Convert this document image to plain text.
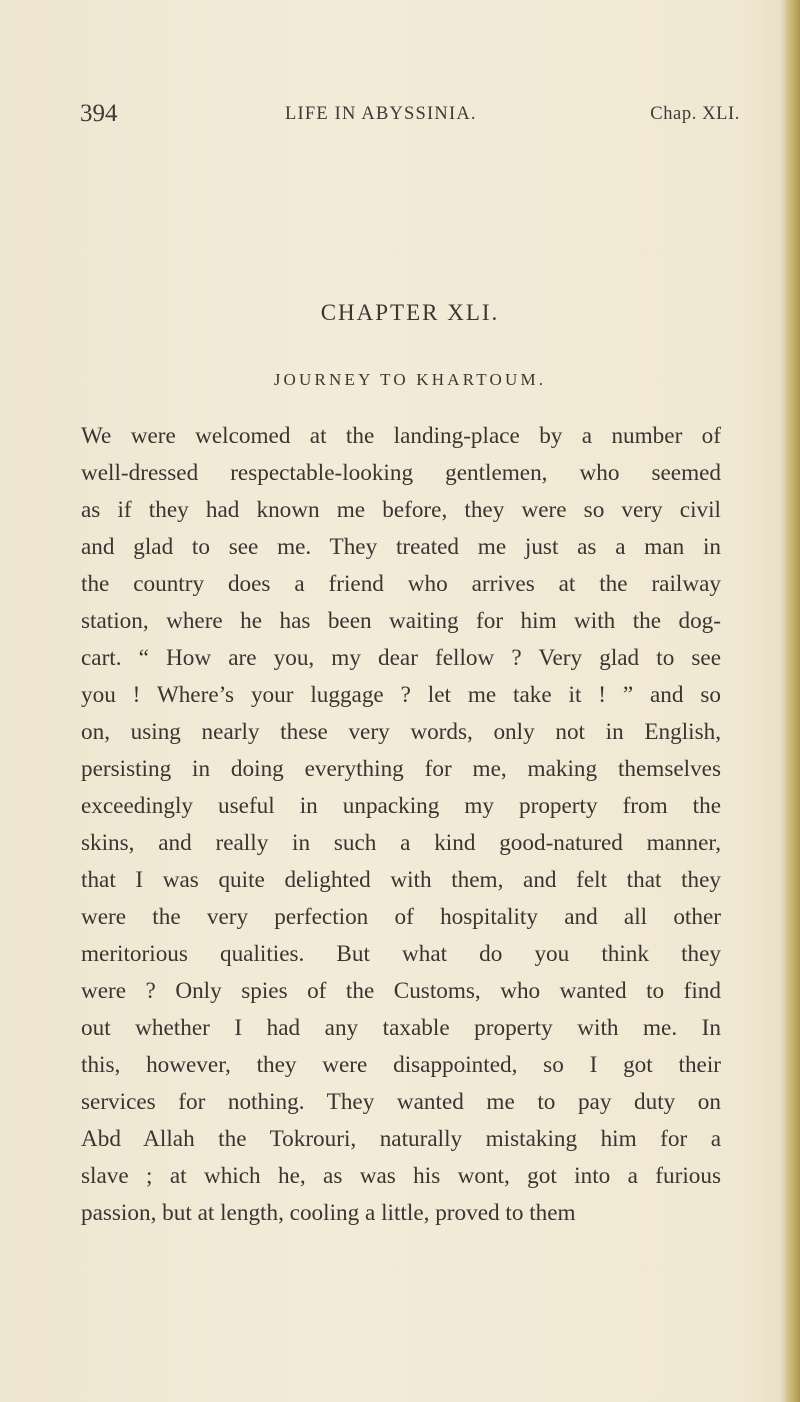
394	LIFE IN ABYSSINIA.	Chap. XLI.
CHAPTER XLI.
JOURNEY TO KHARTOUM.
We were welcomed at the landing-place by a number of
well-dressed respectable-looking gentlemen, who seemed
as if they had known me before, they were so very civil
and glad to see me. They treated me just as a man in
the country does a friend who arrives at the railway
station, where he has been waiting for him with the dog-
cart. “ How are you, my dear fellow ? Very glad to see
you ! Where’s your luggage ? let me take it ! ” and so
on, using nearly these very words, only not in English,
persisting in doing everything for me, making themselves
exceedingly useful in unpacking my property from the
skins, and really in such a kind good-natured manner,
that I was quite delighted with them, and felt that they
were the very perfection of hospitality and all other
meritorious qualities. But what do you think they
were ? Only spies of the Customs, who wanted to find
out whether I had any taxable property with me. In
this, however, they were disappointed, so I got their
services for nothing. They wanted me to pay duty on
Abd Allah the Tokrouri, naturally mistaking him for a
slave ; at which he, as was his wont, got into a furious
passion, but at length, cooling a little, proved to them
